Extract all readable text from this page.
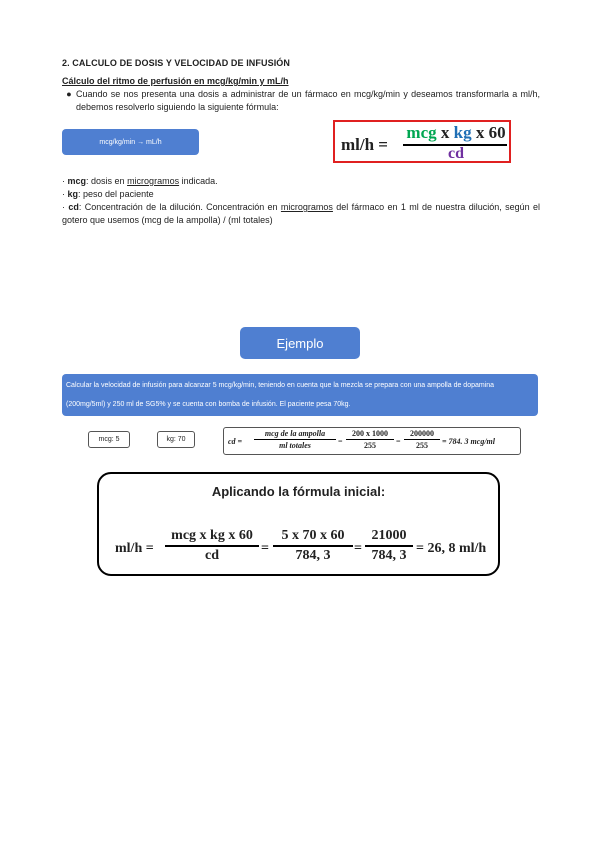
2. CALCULO DE DOSIS Y VELOCIDAD DE INFUSIÓN
Cálculo del ritmo de perfusión en mcg/kg/min y mL/h
● Cuando se nos presenta una dosis a administrar de un fármaco en mcg/kg/min y deseamos transformarla a ml/h, debemos resolverlo siguiendo la siguiente fórmula:
mcg/kg/min → mL/h	ml/h =
mcg x kg x 60
cd
· mcg: dosis en microgramos indicada.
· kg: peso del paciente
· cd: Concentración de la dilución. Concentración en microgramos del fármaco en 1 ml de nuestra dilución, según el gotero que usemos (mcg de la ampolla) / (ml totales)
Ejemplo
Calcular la velocidad de infusión para alcanzar 5 mcg/kg/min, teniendo en cuenta que la mezcla se prepara con una ampolla de dopamina (200mg/5ml) y 250 ml de SG5% y se cuenta con bomba de infusión. El paciente pesa 70kg.
mcg: 5	kg: 70	cd =
mcg de la ampolla
ml totales	=
200 x 1000
255	=
200000
255	= 784. 3 mcg/ml
Aplicando la fórmula inicial:
ml/h =
mcg x kg x 60
cd	=
5 x 70 x 60
784, 3	=
21000
784, 3 = 26, 8 ml/h
